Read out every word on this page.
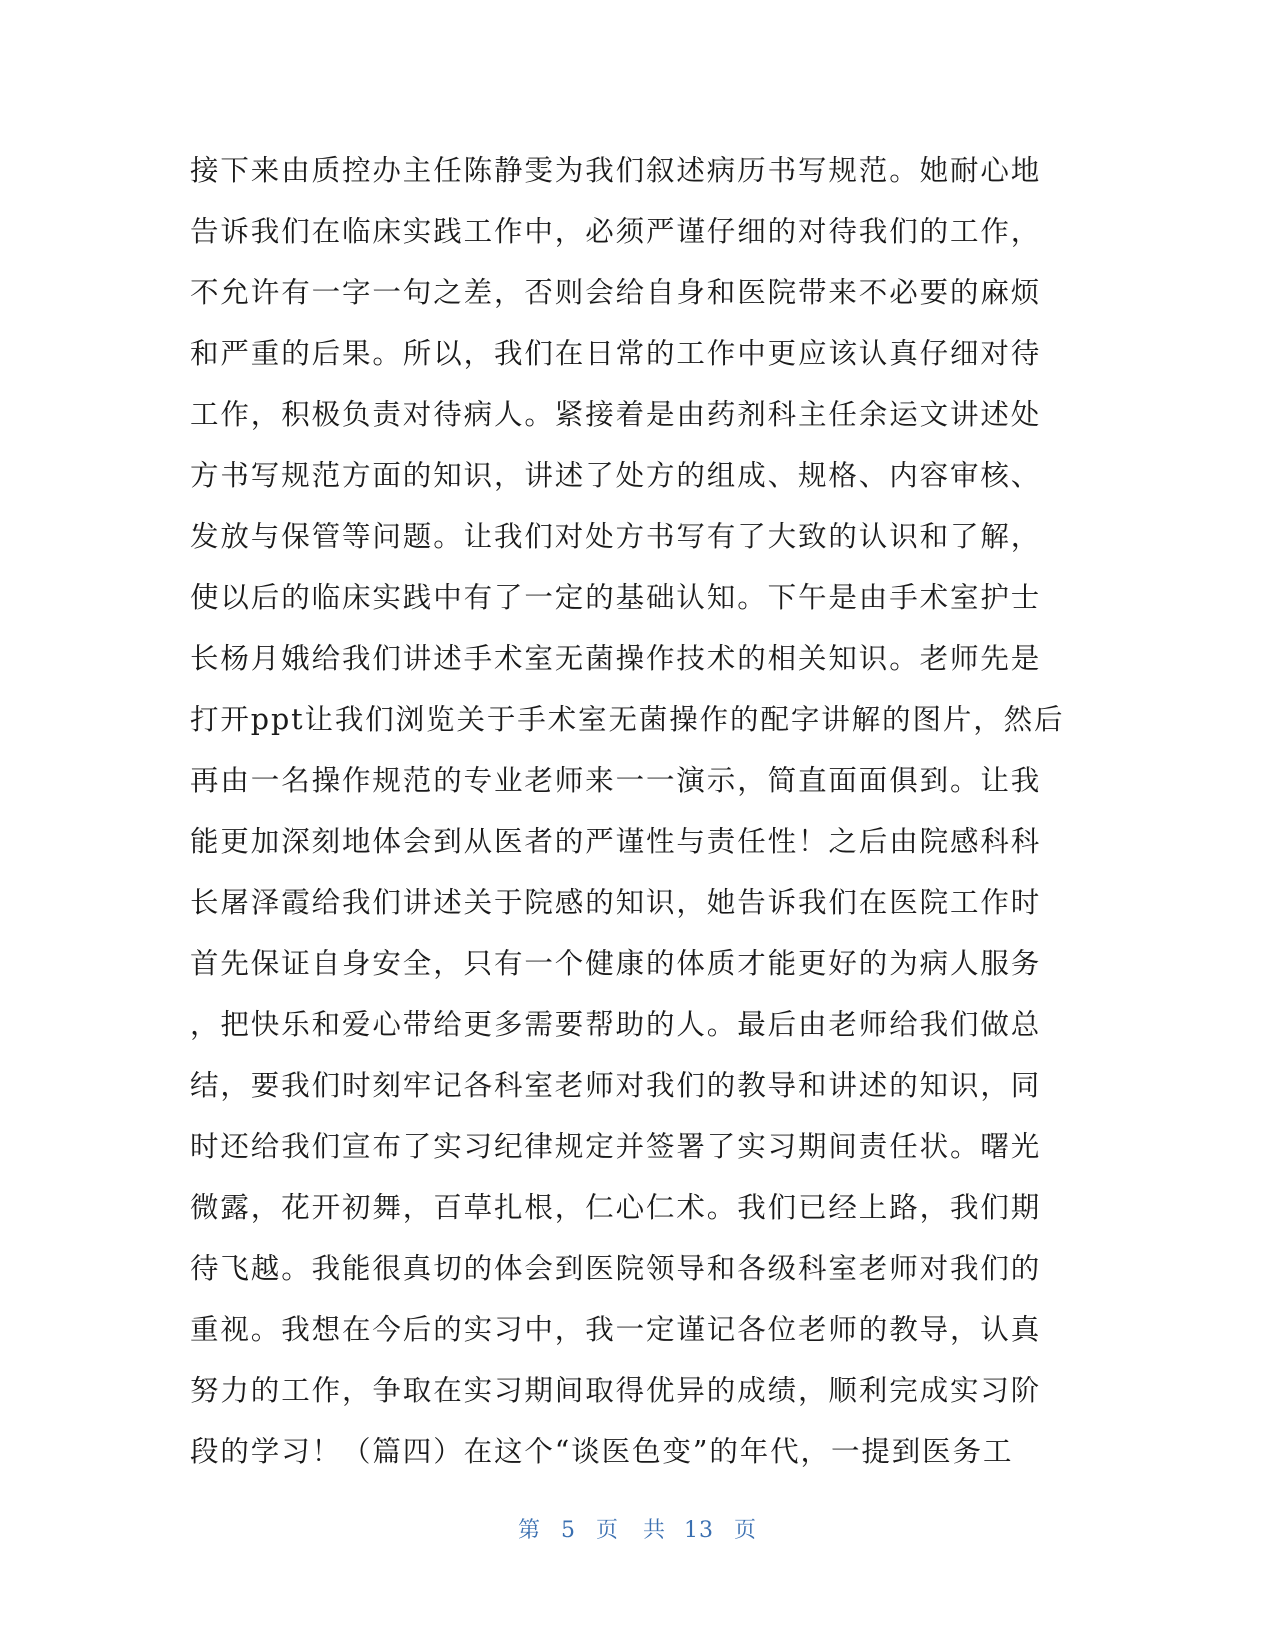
接下来由质控办主任陈静雯为我们叙述病历书写规范。她耐心地
告诉我们在临床实践工作中，必须严谨仔细的对待我们的工作，
不允许有一字一句之差，否则会给自身和医院带来不必要的麻烦
和严重的后果。所以，我们在日常的工作中更应该认真仔细对待
工作，积极负责对待病人。紧接着是由药剂科主任余运文讲述处
方书写规范方面的知识，讲述了处方的组成、规格、内容审核、
发放与保管等问题。让我们对处方书写有了大致的认识和了解，
使以后的临床实践中有了一定的基础认知。下午是由手术室护士
长杨月娥给我们讲述手术室无菌操作技术的相关知识。老师先是
打开ppt让我们浏览关于手术室无菌操作的配字讲解的图片，然后
再由一名操作规范的专业老师来一一演示，简直面面俱到。让我
能更加深刻地体会到从医者的严谨性与责任性！之后由院感科科
长屠泽霞给我们讲述关于院感的知识，她告诉我们在医院工作时
首先保证自身安全，只有一个健康的体质才能更好的为病人服务
，把快乐和爱心带给更多需要帮助的人。最后由老师给我们做总
结，要我们时刻牢记各科室老师对我们的教导和讲述的知识，同
时还给我们宣布了实习纪律规定并签署了实习期间责任状。曙光
微露，花开初舞，百草扎根，仁心仁术。我们已经上路，我们期
待飞越。我能很真切的体会到医院领导和各级科室老师对我们的
重视。我想在今后的实习中，我一定谨记各位老师的教导，认真
努力的工作，争取在实习期间取得优异的成绩，顺利完成实习阶
段的学习！（篇四）在这个“谈医色变”的年代，一提到医务工
第 5 页 共 13 页
